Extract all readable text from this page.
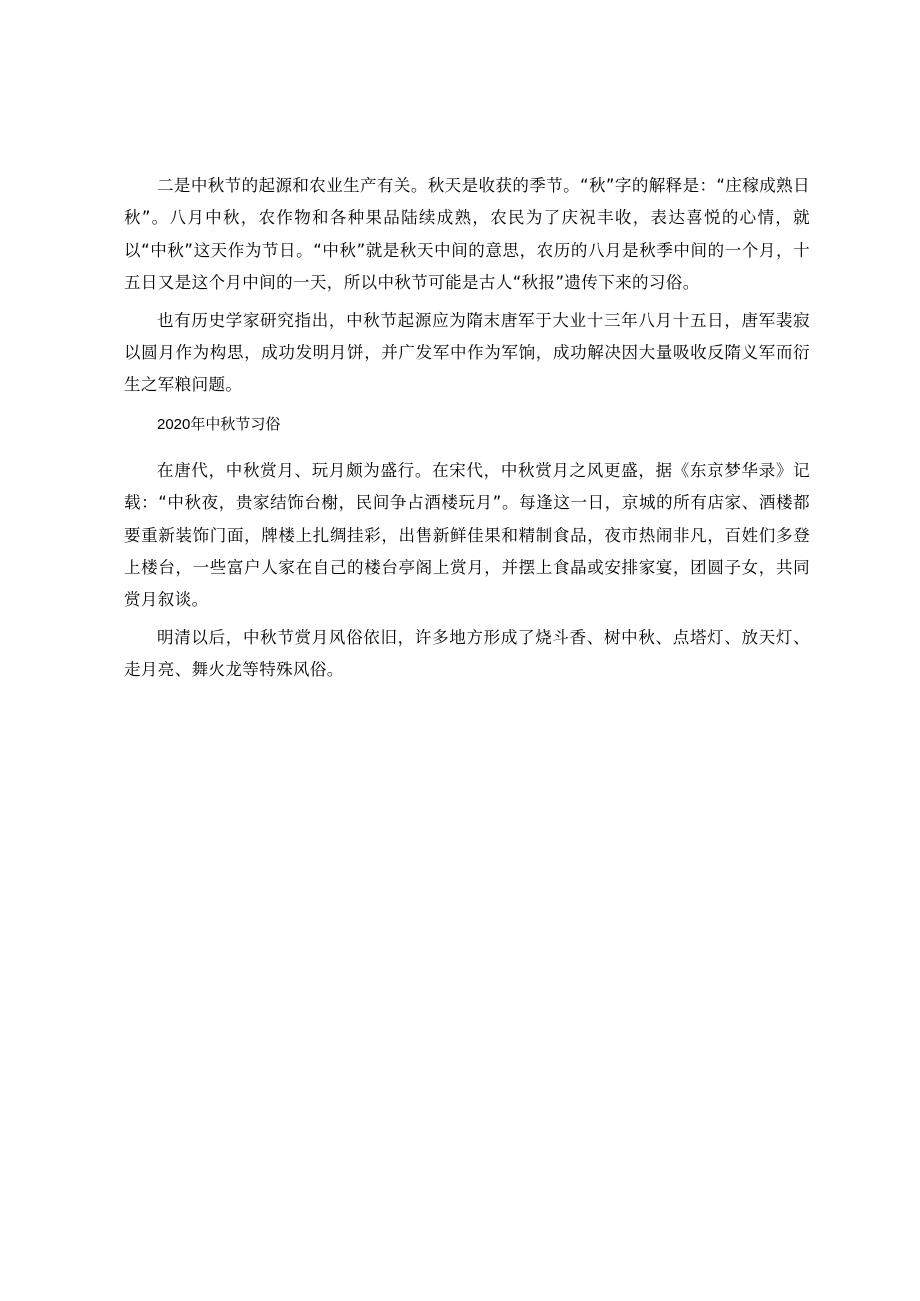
二是中秋节的起源和农业生产有关。秋天是收获的季节。“秋”字的解释是：“庄稼成熟日秋”。八月中秋，农作物和各种果品陆续成熟，农民为了庆祝丰收，表达喜悦的心情，就以“中秋”这天作为节日。“中秋”就是秋天中间的意思，农历的八月是秋季中间的一个月，十五日又是这个月中间的一天，所以中秋节可能是古人“秋报”遗传下来的习俗。

也有历史学家研究指出，中秋节起源应为隋末唐军于大业十三年八月十五日，唐军裴寂以圆月作为构思，成功发明月饼，并广发军中作为军饷，成功解决因大量吸收反隋义军而衍生之军粮问题。

2020年中秋节习俗

在唐代，中秋赏月、玩月颇为盛行。在宋代，中秋赏月之风更盛，据《东京梦华录》记载：“中秋夜，贵家结饰台榭，民间争占酒楼玩月”。每逢这一日，京城的所有店家、酒楼都要重新装饰门面，牌楼上扎绸挂彩，出售新鲜佳果和精制食品，夜市热闹非凡，百姓们多登上楼台，一些富户人家在自己的楼台亭阁上赏月，并摆上食晶或安排家宴，团圆子女，共同赏月叙谈。

明清以后，中秋节赏月风俗依旧，许多地方形成了烧斗香、树中秋、点塔灯、放天灯、走月亮、舞火龙等特殊风俗。
